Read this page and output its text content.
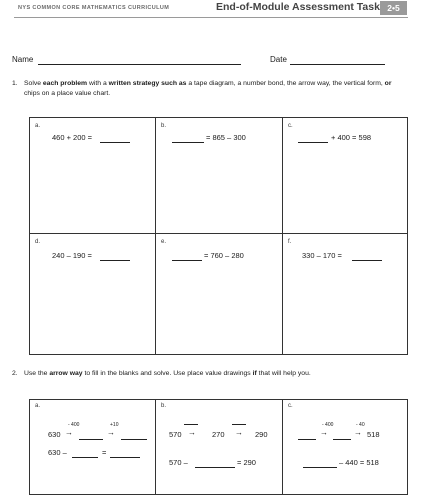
NYS COMMON CORE MATHEMATICS CURRICULUM	End-of-Module Assessment Task 2•5
Name	Date
1. Solve each problem with a written strategy such as a tape diagram, a number bond, the arrow way, the vertical form, or chips on a place value chart.
a.
460 + 200 =
b.
= 865 – 300
c.
+ 400 = 598
d.
240 – 190 =
e.
= 760 – 280
f.
330 – 170 =
2. Use the arrow way to fill in the blanks and solve. Use place value drawings if that will help you.
a.
- 400	+10
630 →	→
630 –	=
b.
570 → 270 → 290
570 –	= 290
c.
- 400	- 40
→	→ 518
– 440 = 518
